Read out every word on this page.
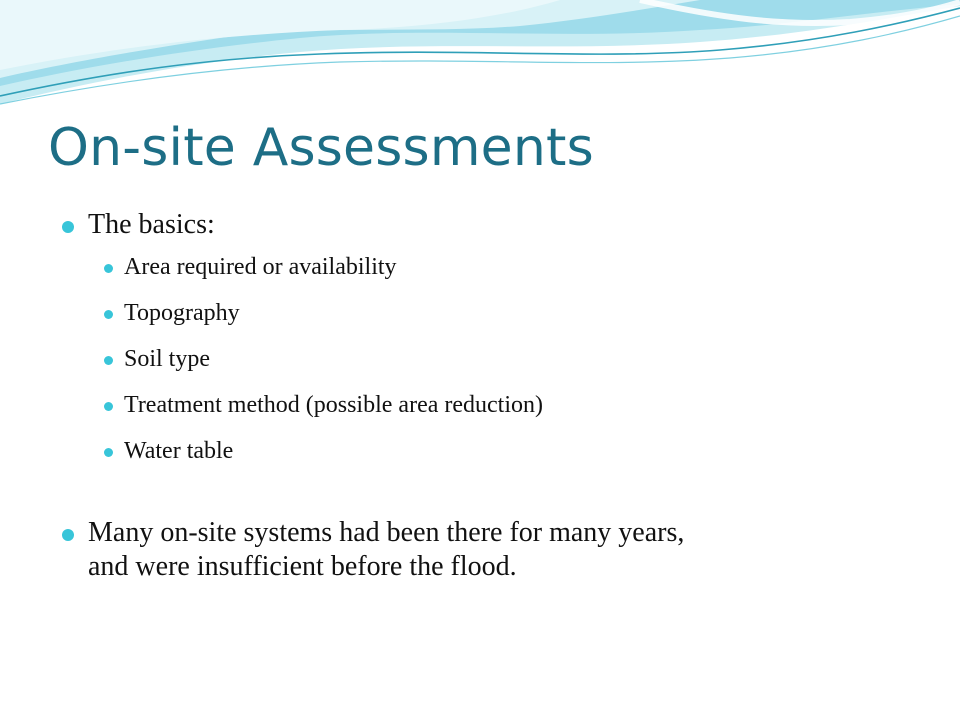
On-site Assessments
The basics:
Area required or availability
Topography
Soil type
Treatment method (possible area reduction)
Water table
Many on-site systems had been there for many years,
and were insufficient before the flood.
